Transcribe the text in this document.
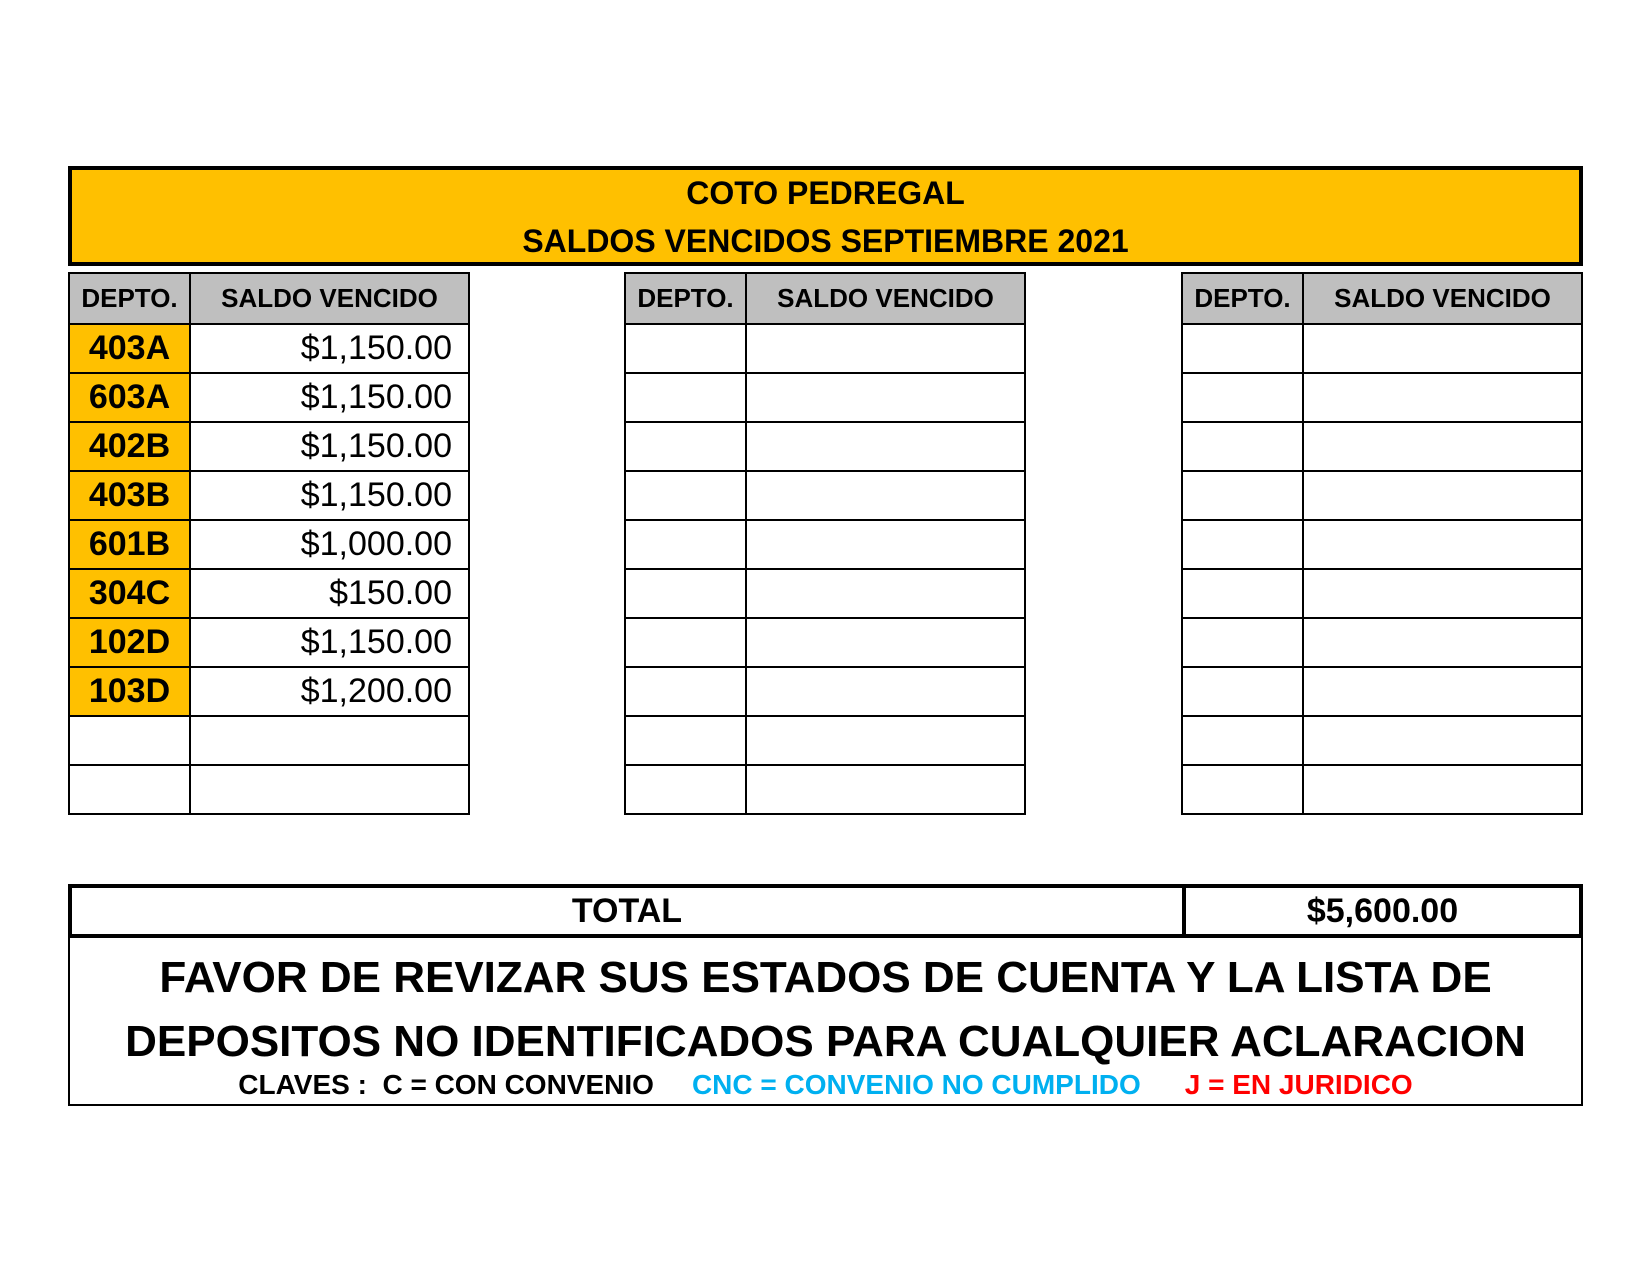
COTO PEDREGAL
SALDOS VENCIDOS SEPTIEMBRE 2021
DEPTO.	SALDO VENCIDO
403A	$1,150.00
603A	$1,150.00
402B	$1,150.00
403B	$1,150.00
601B	$1,000.00
304C	$150.00
102D	$1,150.00
103D	$1,200.00

DEPTO.	SALDO VENCIDO

		DEPTO.	SALDO VENCIDO

TOTAL	$5,600.00
FAVOR DE REVIZAR SUS ESTADOS DE CUENTA Y LA LISTA DE
DEPOSITOS NO IDENTIFICADOS PARA CUALQUIER ACLARACION
CLAVES :  C = CON CONVENIO CNC = CONVENIO NO CUMPLIDO J = EN JURIDICO
